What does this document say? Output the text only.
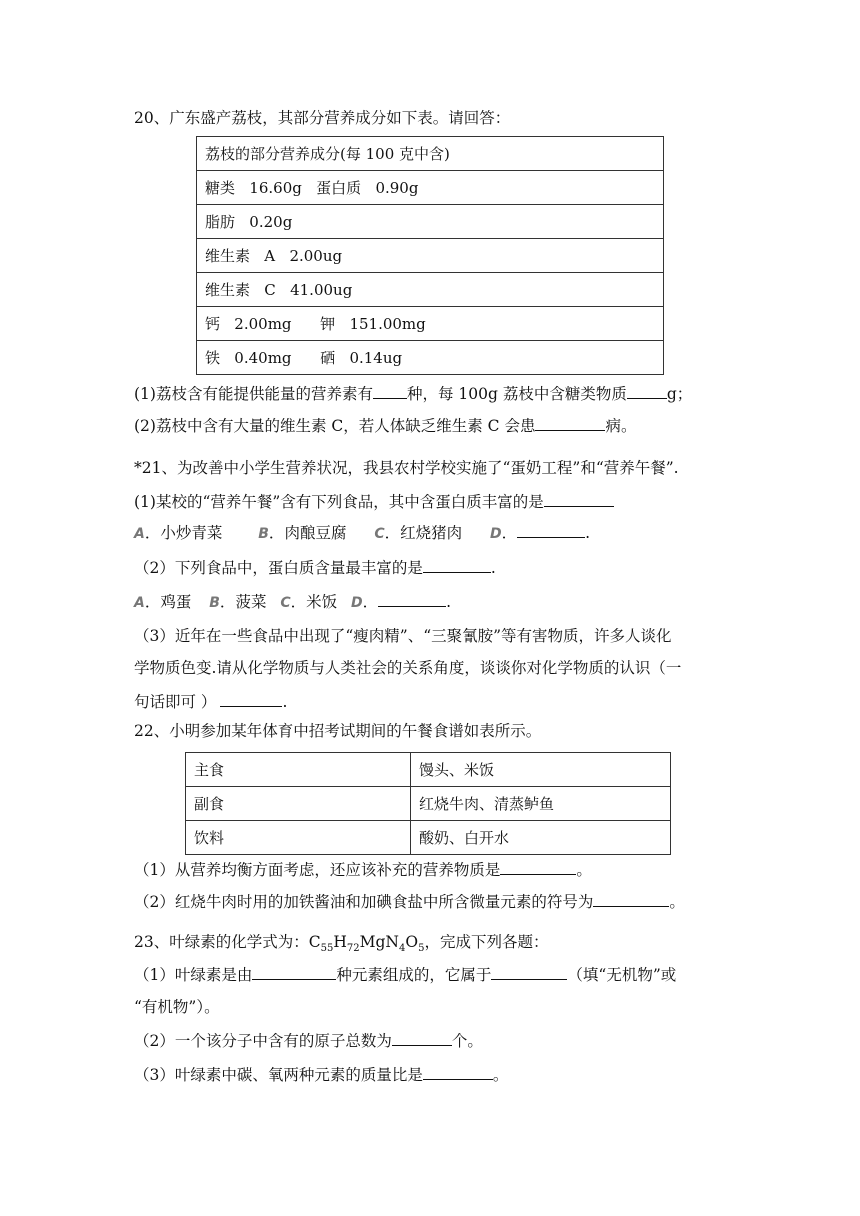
20、广东盛产荔枝，其部分营养成分如下表。请回答：
荔枝的部分营养成分(每 100 克中含)
糖类   16.60g   蛋白质   0.90g
脂肪   0.20g
维生素   A   2.00ug
维生素   C   41.00ug
钙   2.00mg      钾   151.00mg
铁   0.40mg      硒   0.14ug
(1)荔枝含有能提供能量的营养素有 种，每 100g 荔枝中含糖类物质	g；
(2)荔枝中含有大量的维生素 C，若人体缺乏维生素 C 会患	病。
*21、为改善中小学生营养状况，我县农村学校实施了“蛋奶工程”和“营养午餐”.
(1)某校的“营养午餐”含有下列食品，其中含蛋白质丰富的是
A．小炒青菜	B．肉酿豆腐 C．红烧猪肉 D．	.
（2）下列食品中，蛋白质含量最丰富的是	.
A．鸡蛋 B．菠菜 C．米饭 D．	.
（3）近年在一些食品中出现了“瘦肉精”、“三聚氰胺”等有害物质，许多人谈化
学物质色变.请从化学物质与人类社会的关系角度，谈谈你对化学物质的认识（一
句话即可 ）	.
22、小明参加某年体育中招考试期间的午餐食谱如表所示。
主食	馒头、米饭
副食	红烧牛肉、清蒸鲈鱼
饮料	酸奶、白开水
（1）从营养均衡方面考虑，还应该补充的营养物质是	。
（2）红烧牛肉时用的加铁酱油和加碘食盐中所含微量元素的符号为	。
23、叶绿素的化学式为：$C_{55}H_{72}MgN_4O_5$，完成下列各题：
（1）叶绿素是由	种元素组成的，它属于	（填“无机物”或
“有机物”）。
（2）一个该分子中含有的原子总数为	个。
（3）叶绿素中碳、氧两种元素的质量比是	。
